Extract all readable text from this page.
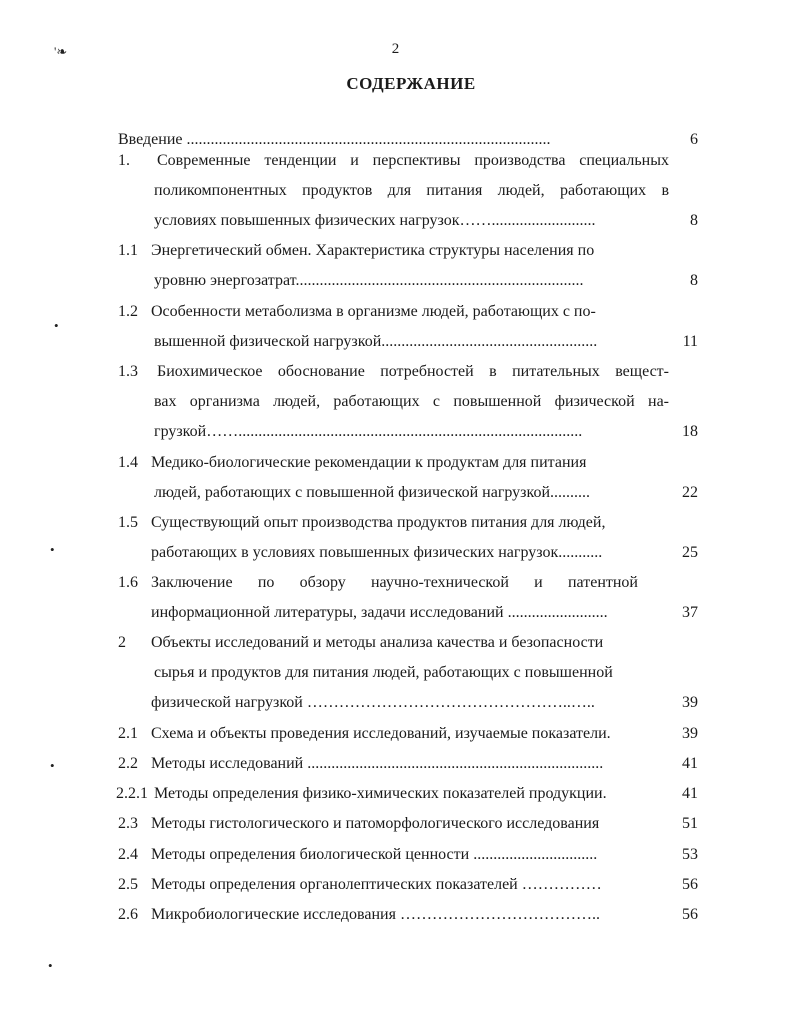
2
СОДЕРЖАНИЕ
'❧
•
•
•
•
Введение ...........................................................................................	6
1. Современные тенденции и перспективы производства специальных
поликомпонентных продуктов для питания людей, работающих в
условиях повышенных физических нагрузок……..........................	8
1.1 Энергетический обмен. Характеристика структуры населения по
уровню энергозатрат........................................................................	8
1.2 Особенности метаболизма в организме людей, работающих с по-
вышенной физической нагрузкой......................................................	11
1.3 Биохимическое обоснование потребностей в питательных вещест-
вах организма людей, работающих с повышенной физической на-
грузкой……......................................................................................	18
1.4 Медико-биологические рекомендации к продуктам для питания
людей, работающих с повышенной физической нагрузкой..........	22
1.5 Существующий опыт производства продуктов питания для людей,
работающих в условиях повышенных физических нагрузок...........	25
1.6 Заключение по обзору научно-технической и патентной
информационной литературы, задачи исследований .........................	37
2 Объекты исследований и методы анализа качества и безопасности
сырья и продуктов для питания людей, работающих с повышенной
физической нагрузкой …………………………………………..…..	39
2.1 Схема и объекты проведения исследований, изучаемые показатели.	39
2.2 Методы исследований ..........................................................................	41
2.2.1 Методы определения физико-химических показателей продукции.	41
2.3 Методы гистологического и патоморфологического исследования	51
2.4 Методы определения биологической ценности ...............................	53
2.5 Методы определения органолептических показателей ……………	56
2.6 Микробиологические исследования ………………………………..	56
